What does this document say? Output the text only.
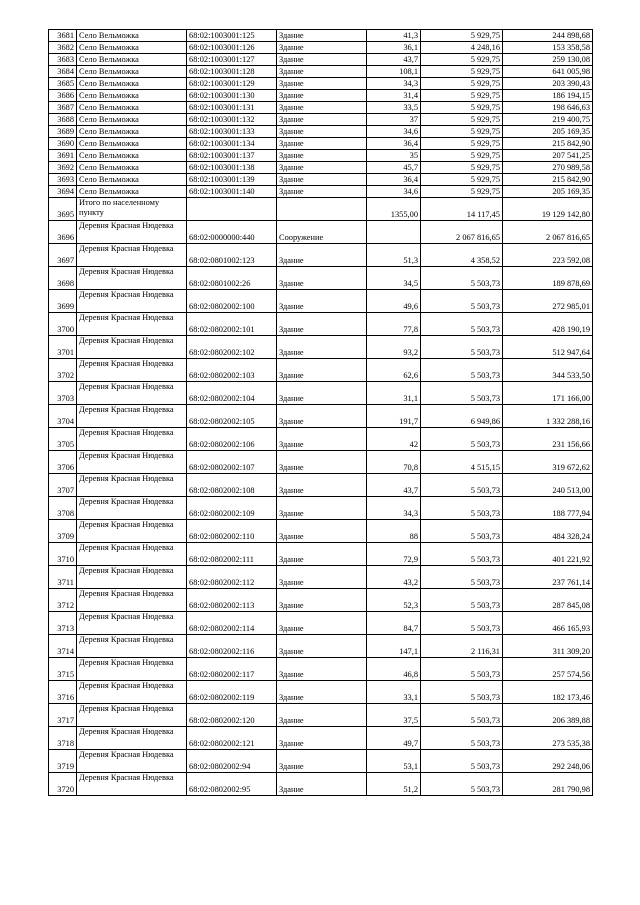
3681	Село Вельможка	68:02:1003001:125	Здание	41,3	5 929,75	244 898,68
3682	Село Вельможка	68:02:1003001:126	Здание	36,1	4 248,16	153 358,58
3683	Село Вельможка	68:02:1003001:127	Здание	43,7	5 929,75	259 130,08
3684	Село Вельможка	68:02:1003001:128	Здание	108,1	5 929,75	641 005,98
3685	Село Вельможка	68:02:1003001:129	Здание	34,3	5 929,75	203 390,43
3686	Село Вельможка	68:02:1003001:130	Здание	31,4	5 929,75	186 194,15
3687	Село Вельможка	68:02:1003001:131	Здание	33,5	5 929,75	198 646,63
3688	Село Вельможка	68:02:1003001:132	Здание	37	5 929,75	219 400,75
3689	Село Вельможка	68:02:1003001:133	Здание	34,6	5 929,75	205 169,35
3690	Село Вельможка	68:02:1003001:134	Здание	36,4	5 929,75	215 842,90
3691	Село Вельможка	68:02:1003001:137	Здание	35	5 929,75	207 541,25
3692	Село Вельможка	68:02:1003001:138	Здание	45,7	5 929,75	270 989,58
3693	Село Вельможка	68:02:1003001:139	Здание	36,4	5 929,75	215 842,90
3694	Село Вельможка	68:02:1003001:140	Здание	34,6	5 929,75	205 169,35
3695	Итого по населенному пункту			1355,00	14 117,45	19 129 142,80
3696	Деревня Красная Нюдевка	68:02:0000000:440	Сооружение		2 067 816,65	2 067 816,65
3697	Деревня Красная Нюдевка	68:02:0801002:123	Здание	51,3	4 358,52	223 592,08
3698	Деревня Красная Нюдевка	68:02:0801002:26	Здание	34,5	5 503,73	189 878,69
3699	Деревня Красная Нюдевка	68:02:0802002:100	Здание	49,6	5 503,73	272 985,01
3700	Деревня Красная Нюдевка	68:02:0802002:101	Здание	77,8	5 503,73	428 190,19
3701	Деревня Красная Нюдевка	68:02:0802002:102	Здание	93,2	5 503,73	512 947,64
3702	Деревня Красная Нюдевка	68:02:0802002:103	Здание	62,6	5 503,73	344 533,50
3703	Деревня Красная Нюдевка	68:02:0802002:104	Здание	31,1	5 503,73	171 166,00
3704	Деревня Красная Нюдевка	68:02:0802002:105	Здание	191,7	6 949,86	1 332 288,16
3705	Деревня Красная Нюдевка	68:02:0802002:106	Здание	42	5 503,73	231 156,66
3706	Деревня Красная Нюдевка	68:02:0802002:107	Здание	70,8	4 515,15	319 672,62
3707	Деревня Красная Нюдевка	68:02:0802002:108	Здание	43,7	5 503,73	240 513,00
3708	Деревня Красная Нюдевка	68:02:0802002:109	Здание	34,3	5 503,73	188 777,94
3709	Деревня Красная Нюдевка	68:02:0802002:110	Здание	88	5 503,73	484 328,24
3710	Деревня Красная Нюдевка	68:02:0802002:111	Здание	72,9	5 503,73	401 221,92
3711	Деревня Красная Нюдевка	68:02:0802002:112	Здание	43,2	5 503,73	237 761,14
3712	Деревня Красная Нюдевка	68:02:0802002:113	Здание	52,3	5 503,73	287 845,08
3713	Деревня Красная Нюдевка	68:02:0802002:114	Здание	84,7	5 503,73	466 165,93
3714	Деревня Красная Нюдевка	68:02:0802002:116	Здание	147,1	2 116,31	311 309,20
3715	Деревня Красная Нюдевка	68:02:0802002:117	Здание	46,8	5 503,73	257 574,56
3716	Деревня Красная Нюдевка	68:02:0802002:119	Здание	33,1	5 503,73	182 173,46
3717	Деревня Красная Нюдевка	68:02:0802002:120	Здание	37,5	5 503,73	206 389,88
3718	Деревня Красная Нюдевка	68:02:0802002:121	Здание	49,7	5 503,73	273 535,38
3719	Деревня Красная Нюдевка	68:02:0802002:94	Здание	53,1	5 503,73	292 248,06
3720	Деревня Красная Нюдевка	68:02:0802002:95	Здание	51,2	5 503,73	281 790,98
